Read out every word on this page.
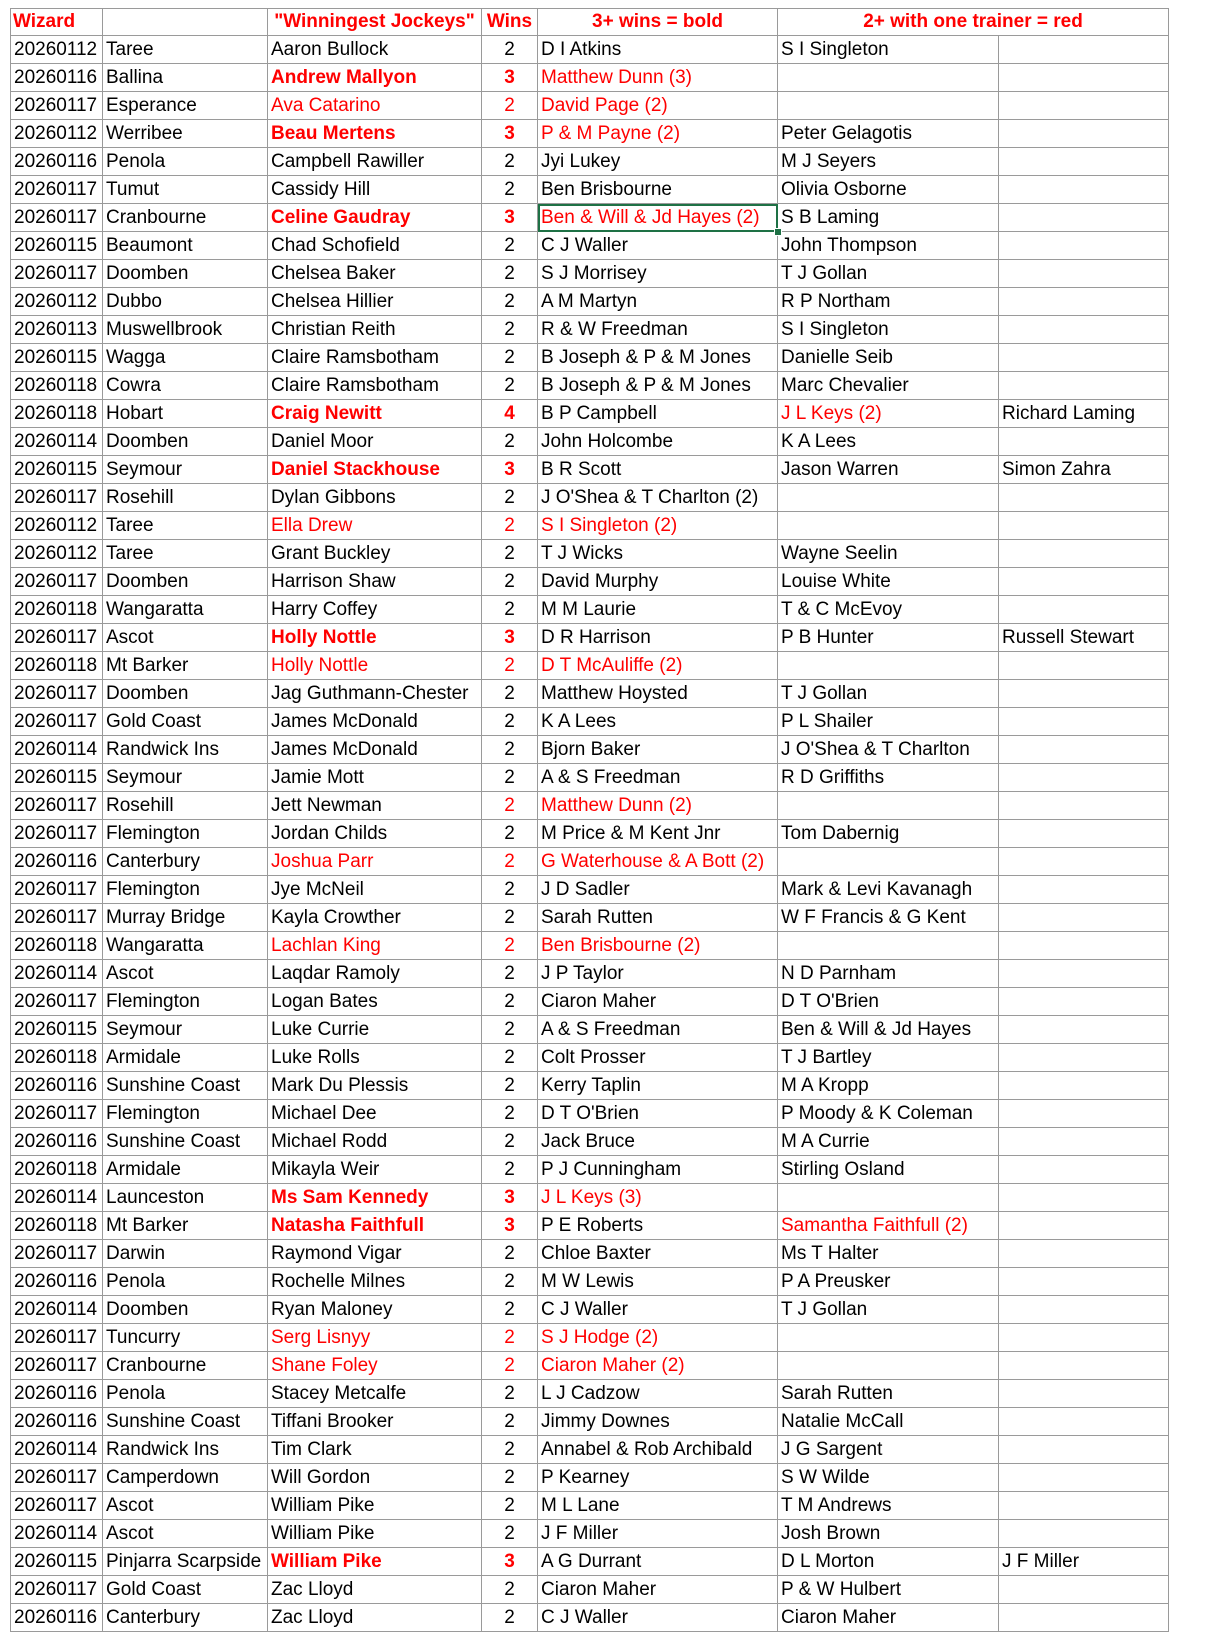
Wizard		"Winningest Jockeys"	Wins	3+ wins = bold	2+ with one trainer = red	
20260112	Taree	Aaron Bullock	2	D I Atkins	S I Singleton	
20260116	Ballina	Andrew Mallyon	3	Matthew Dunn (3)		
20260117	Esperance	Ava Catarino	2	David Page (2)		
20260112	Werribee	Beau Mertens	3	P & M Payne (2)	Peter Gelagotis	
20260116	Penola	Campbell Rawiller	2	Jyi Lukey	M J Seyers	
20260117	Tumut	Cassidy Hill	2	Ben Brisbourne	Olivia Osborne	
20260117	Cranbourne	Celine Gaudray	3	Ben & Will & Jd Hayes (2)	S B Laming	
20260115	Beaumont	Chad Schofield	2	C J Waller	John Thompson	
20260117	Doomben	Chelsea Baker	2	S J Morrisey	T J Gollan	
20260112	Dubbo	Chelsea Hillier	2	A M Martyn	R P Northam	
20260113	Muswellbrook	Christian Reith	2	R & W Freedman	S I Singleton	
20260115	Wagga	Claire Ramsbotham	2	B Joseph & P & M Jones	Danielle Seib	
20260118	Cowra	Claire Ramsbotham	2	B Joseph & P & M Jones	Marc Chevalier	
20260118	Hobart	Craig Newitt	4	B P Campbell	J L Keys (2)	Richard Laming
20260114	Doomben	Daniel Moor	2	John Holcombe	K A Lees	
20260115	Seymour	Daniel Stackhouse	3	B R Scott	Jason Warren	Simon Zahra
20260117	Rosehill	Dylan Gibbons	2	J O'Shea & T Charlton (2)		
20260112	Taree	Ella Drew	2	S I Singleton (2)		
20260112	Taree	Grant Buckley	2	T J Wicks	Wayne Seelin	
20260117	Doomben	Harrison Shaw	2	David Murphy	Louise White	
20260118	Wangaratta	Harry Coffey	2	M M Laurie	T & C McEvoy	
20260117	Ascot	Holly Nottle	3	D R Harrison	P B Hunter	Russell Stewart
20260118	Mt Barker	Holly Nottle	2	D T McAuliffe (2)		
20260117	Doomben	Jag Guthmann-Chester	2	Matthew Hoysted	T J Gollan	
20260117	Gold Coast	James McDonald	2	K A Lees	P L Shailer	
20260114	Randwick Ins	James McDonald	2	Bjorn Baker	J O'Shea & T Charlton	
20260115	Seymour	Jamie Mott	2	A & S Freedman	R D Griffiths	
20260117	Rosehill	Jett Newman	2	Matthew Dunn (2)		
20260117	Flemington	Jordan Childs	2	M Price & M Kent Jnr	Tom Dabernig	
20260116	Canterbury	Joshua Parr	2	G Waterhouse & A Bott (2)		
20260117	Flemington	Jye McNeil	2	J D Sadler	Mark & Levi Kavanagh	
20260117	Murray Bridge	Kayla Crowther	2	Sarah Rutten	W F Francis & G Kent	
20260118	Wangaratta	Lachlan King	2	Ben Brisbourne (2)		
20260114	Ascot	Laqdar Ramoly	2	J P Taylor	N D Parnham	
20260117	Flemington	Logan Bates	2	Ciaron Maher	D T O'Brien	
20260115	Seymour	Luke Currie	2	A & S Freedman	Ben & Will & Jd Hayes	
20260118	Armidale	Luke Rolls	2	Colt Prosser	T J Bartley	
20260116	Sunshine Coast	Mark Du Plessis	2	Kerry Taplin	M A Kropp	
20260117	Flemington	Michael Dee	2	D T O'Brien	P Moody & K Coleman	
20260116	Sunshine Coast	Michael Rodd	2	Jack Bruce	M A Currie	
20260118	Armidale	Mikayla Weir	2	P J Cunningham	Stirling Osland	
20260114	Launceston	Ms Sam Kennedy	3	J L Keys (3)		
20260118	Mt Barker	Natasha Faithfull	3	P E Roberts	Samantha Faithfull (2)	
20260117	Darwin	Raymond Vigar	2	Chloe Baxter	Ms T Halter	
20260116	Penola	Rochelle Milnes	2	M W Lewis	P A Preusker	
20260114	Doomben	Ryan Maloney	2	C J Waller	T J Gollan	
20260117	Tuncurry	Serg Lisnyy	2	S J Hodge (2)		
20260117	Cranbourne	Shane Foley	2	Ciaron Maher (2)		
20260116	Penola	Stacey Metcalfe	2	L J Cadzow	Sarah Rutten	
20260116	Sunshine Coast	Tiffani Brooker	2	Jimmy Downes	Natalie McCall	
20260114	Randwick Ins	Tim Clark	2	Annabel & Rob Archibald	J G Sargent	
20260117	Camperdown	Will Gordon	2	P Kearney	S W Wilde	
20260117	Ascot	William Pike	2	M L Lane	T M Andrews	
20260114	Ascot	William Pike	2	J F Miller	Josh Brown	
20260115	Pinjarra Scarpside	William Pike	3	A G Durrant	D L Morton	J F Miller
20260117	Gold Coast	Zac Lloyd	2	Ciaron Maher	P & W Hulbert	
20260116	Canterbury	Zac Lloyd	2	C J Waller	Ciaron Maher	
